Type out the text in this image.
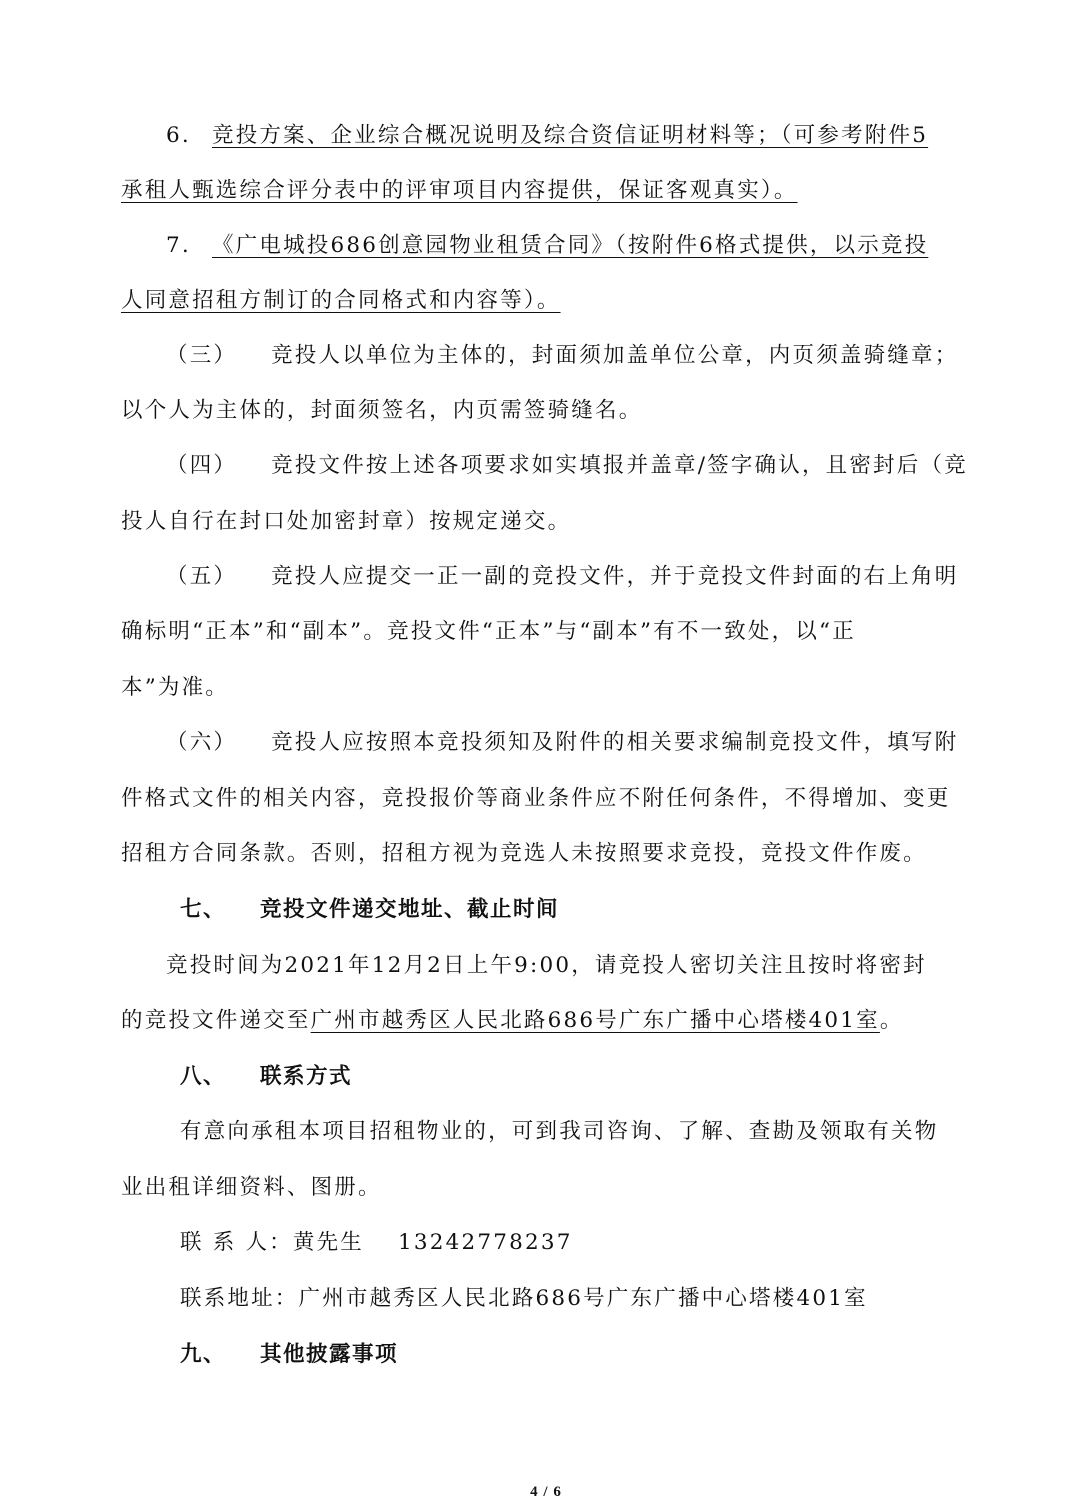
6. 竞投方案、企业综合概况说明及综合资信证明材料等；（可参考附件5
承租人甄选综合评分表中的评审项目内容提供，保证客观真实）。
7. 《广电城投686创意园物业租赁合同》（按附件6格式提供，以示竞投
人同意招租方制订的合同格式和内容等）。
（三） 竞投人以单位为主体的，封面须加盖单位公章，内页须盖骑缝章；
以个人为主体的，封面须签名，内页需签骑缝名。
（四） 竞投文件按上述各项要求如实填报并盖章/签字确认，且密封后（竞
投人自行在封口处加密封章）按规定递交。
（五） 竞投人应提交一正一副的竞投文件，并于竞投文件封面的右上角明
确标明“正本”和“副本”。竞投文件“正本”与“副本”有不一致处，以“正
本”为准。
（六） 竞投人应按照本竞投须知及附件的相关要求编制竞投文件，填写附
件格式文件的相关内容，竞投报价等商业条件应不附任何条件，不得增加、变更
招租方合同条款。否则，招租方视为竞选人未按照要求竞投，竞投文件作废。
七、 竞投文件递交地址、截止时间
竞投时间为2021年12月2日上午9:00，请竞投人密切关注且按时将密封
的竞投文件递交至广州市越秀区人民北路686号广东广播中心塔楼401室。
八、 联系方式
有意向承租本项目招租物业的，可到我司咨询、了解、查勘及领取有关物
业出租详细资料、图册。
联 系 人：黄先生 13242778237
联系地址：广州市越秀区人民北路686号广东广播中心塔楼401室
九、 其他披露事项
4 / 6
